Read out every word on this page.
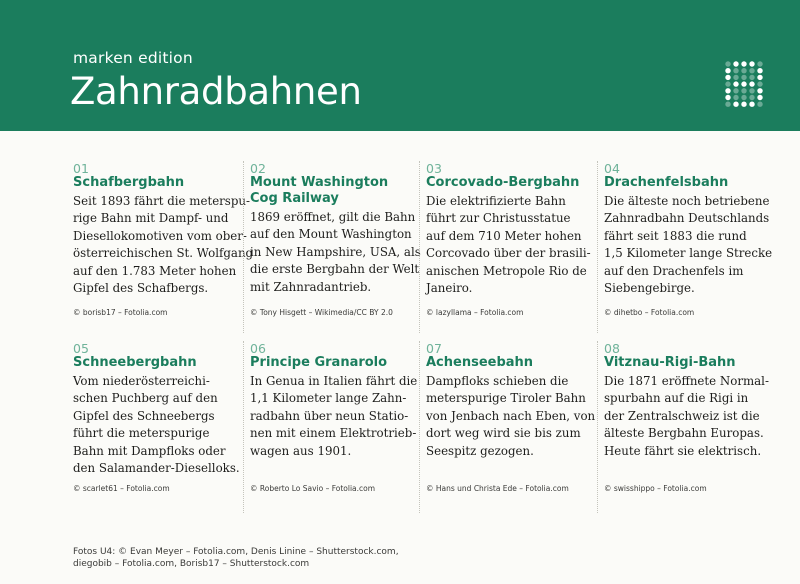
marken edition
Zahnradbahnen
01
Schafbergbahn
Seit 1893 fährt die meterspu-
rige Bahn mit Dampf- und
Diesellokomotiven vom ober-
österreichischen St. Wolfgang
auf den 1.783 Meter hohen
Gipfel des Schafbergs.
© borisb17 – Fotolia.com
02
Mount Washington
Cog Railway
1869 eröffnet, gilt die Bahn
auf den Mount Washington
in New Hampshire, USA, als
die erste Bergbahn der Welt
mit Zahnradantrieb.
© Tony Hisgett – Wikimedia/CC BY 2.0
03
Corcovado-Bergbahn
Die elektrifizierte Bahn
führt zur Christusstatue
auf dem 710 Meter hohen
Corcovado über der brasili-
anischen Metropole Rio de
Janeiro.
© lazyllama – Fotolia.com
04
Drachenfelsbahn
Die älteste noch betriebene
Zahnradbahn Deutschlands
fährt seit 1883 die rund
1,5 Kilometer lange Strecke
auf den Drachenfels im
Siebengebirge.
© dihetbo – Fotolia.com
05
Schneebergbahn
Vom niederösterreichi-
schen Puchberg auf den
Gipfel des Schneebergs
führt die meterspurige
Bahn mit Dampfloks oder
den Salamander-Dieselloks.
© scarlet61 – Fotolia.com
06
Principe Granarolo
In Genua in Italien fährt die
1,1 Kilometer lange Zahn-
radbahn über neun Statio-
nen mit einem Elektrotrieb-
wagen aus 1901.
© Roberto Lo Savio – Fotolia.com
07
Achenseebahn
Dampfloks schieben die
meterspurige Tiroler Bahn
von Jenbach nach Eben, von
dort weg wird sie bis zum
Seespitz gezogen.
© Hans und Christa Ede – Fotolia.com
08
Vitznau-Rigi-Bahn
Die 1871 eröffnete Normal-
spurbahn auf die Rigi in
der Zentralschweiz ist die
älteste Bergbahn Europas.
Heute fährt sie elektrisch.
© swisshippo – Fotolia.com
Fotos U4: © Evan Meyer – Fotolia.com, Denis Linine – Shutterstock.com,
diegobib – Fotolia.com, Borisb17 – Shutterstock.com
